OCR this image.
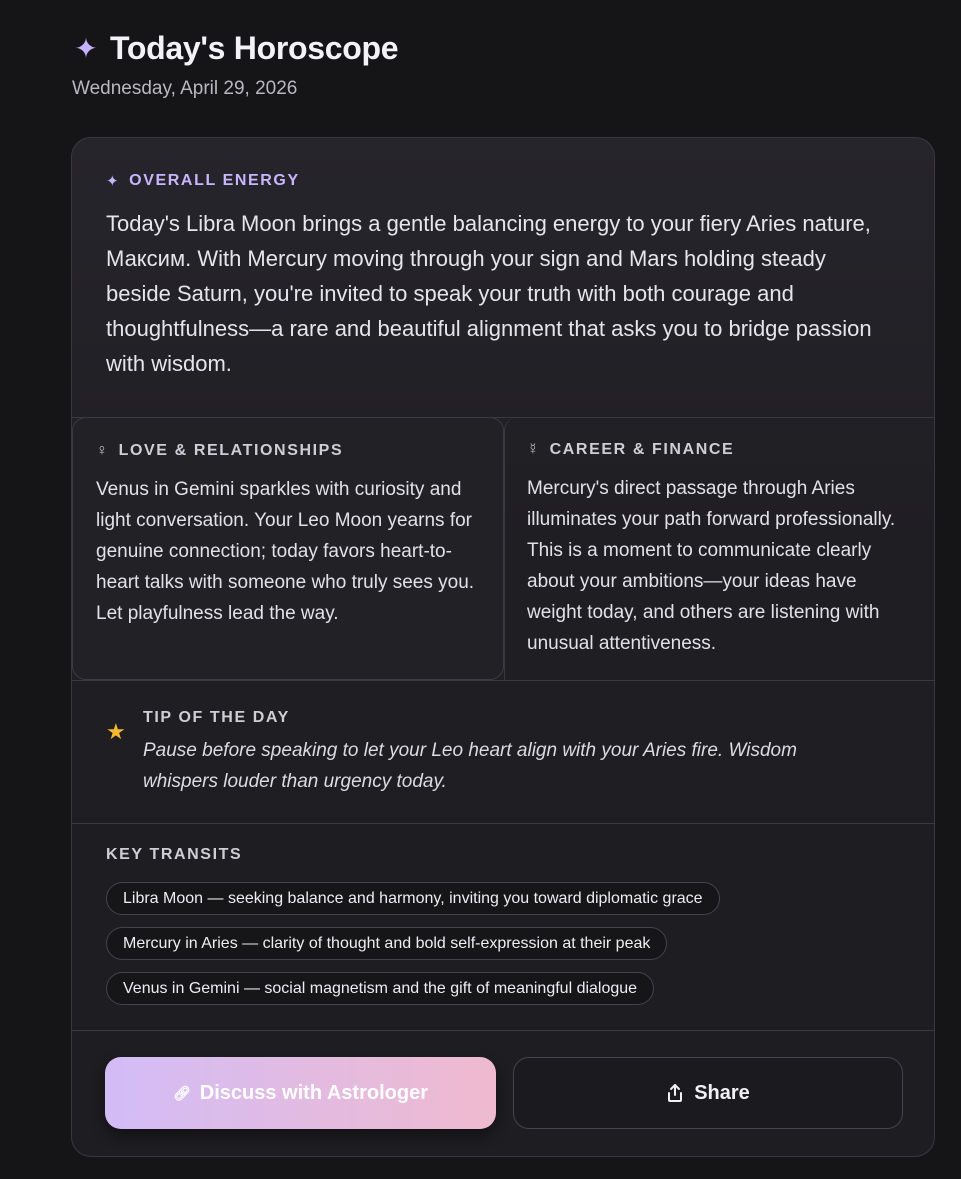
✦ Today's Horoscope
Wednesday, April 29, 2026
✦ OVERALL ENERGY

Today's Libra Moon brings a gentle balancing energy to your fiery Aries nature, Максим. With Mercury moving through your sign and Mars holding steady beside Saturn, you're invited to speak your truth with both courage and thoughtfulness—a rare and beautiful alignment that asks you to bridge passion with wisdom.

♀ LOVE & RELATIONSHIPS

Venus in Gemini sparkles with curiosity and light conversation. Your Leo Moon yearns for genuine connection; today favors heart-to-heart talks with someone who truly sees you. Let playfulness lead the way.

☿ CAREER & FINANCE

Mercury's direct passage through Aries illuminates your path forward professionally. This is a moment to communicate clearly about your ambitions—your ideas have weight today, and others are listening with unusual attentiveness.

★
TIP OF THE DAY

Pause before speaking to let your Leo heart align with your Aries fire. Wisdom whispers louder than urgency today.

KEY TRANSITS
Libra Moon — seeking balance and harmony, inviting you toward diplomatic grace
Mercury in Aries — clarity of thought and bold self-expression at their peak
Venus in Gemini — social magnetism and the gift of meaningful dialogue
🔗︎ Discuss with Astrologer	Share
